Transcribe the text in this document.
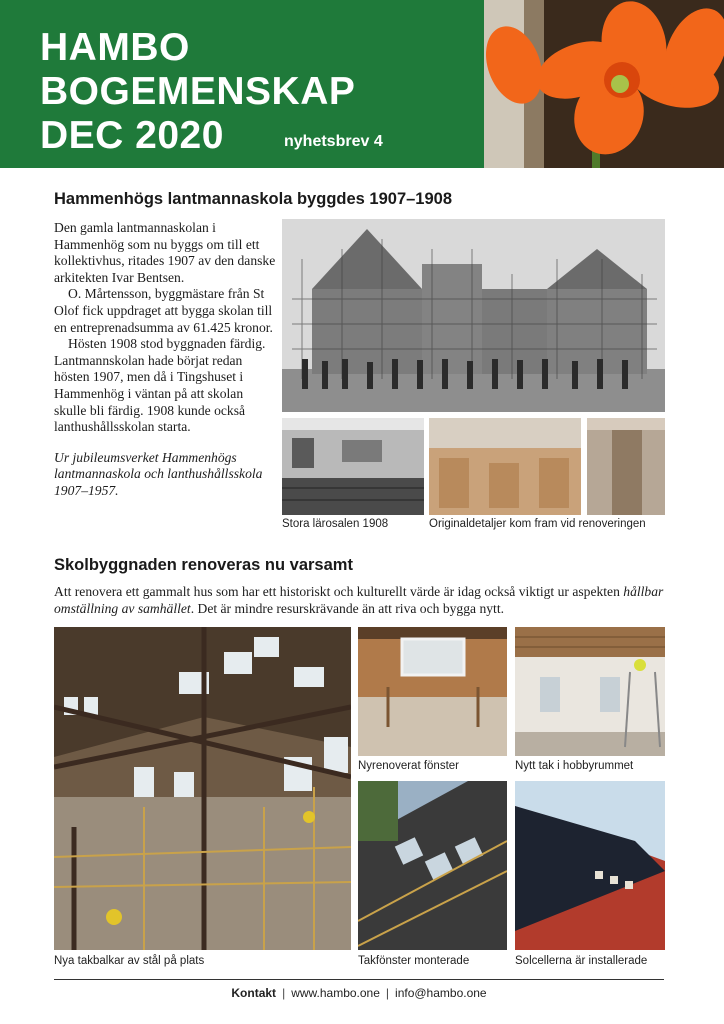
HAMBO
BOGEMENSKAP
DEC 2020	nyhetsbrev 4
Hammenhögs lantmannaskola byggdes 1907–1908

Den gamla lantmannaskolan i Hammenhög som nu byggs om till ett kollektivhus, ritades 1907 av den danske arkitekten Ivar Bentsen.

O. Mårtensson, byggmästare från St Olof fick uppdraget att bygga skolan till en entreprenadsumma av 61.425 kronor.

Hösten 1908 stod byggnaden färdig. Lantmannskolan hade börjat redan hösten 1907, men då i Tingshuset i Hammenhög i väntan på att skolan skulle bli färdig. 1908 kunde också lanthushållsskolan starta.

Ur jubileumsverket Hammenhögs lantmannaskola och lanthushållsskola 1907–1957.

Stora lärosalen 1908	Originaldetaljer kom fram vid renoveringen
Skolbyggnaden renoveras nu varsamt
Att renovera ett gammalt hus som har ett historiskt och kulturellt värde är idag också viktigt ur aspekten hållbar omställning av samhället. Det är mindre resurskrävande än att riva och bygga nytt.
Nyrenoverat fönster	Nytt tak i hobbyrummet
Nya takbalkar av stål på plats	Takfönster monterade	Solcellerna är installerade
Kontakt | www.hambo.one | info@hambo.one
